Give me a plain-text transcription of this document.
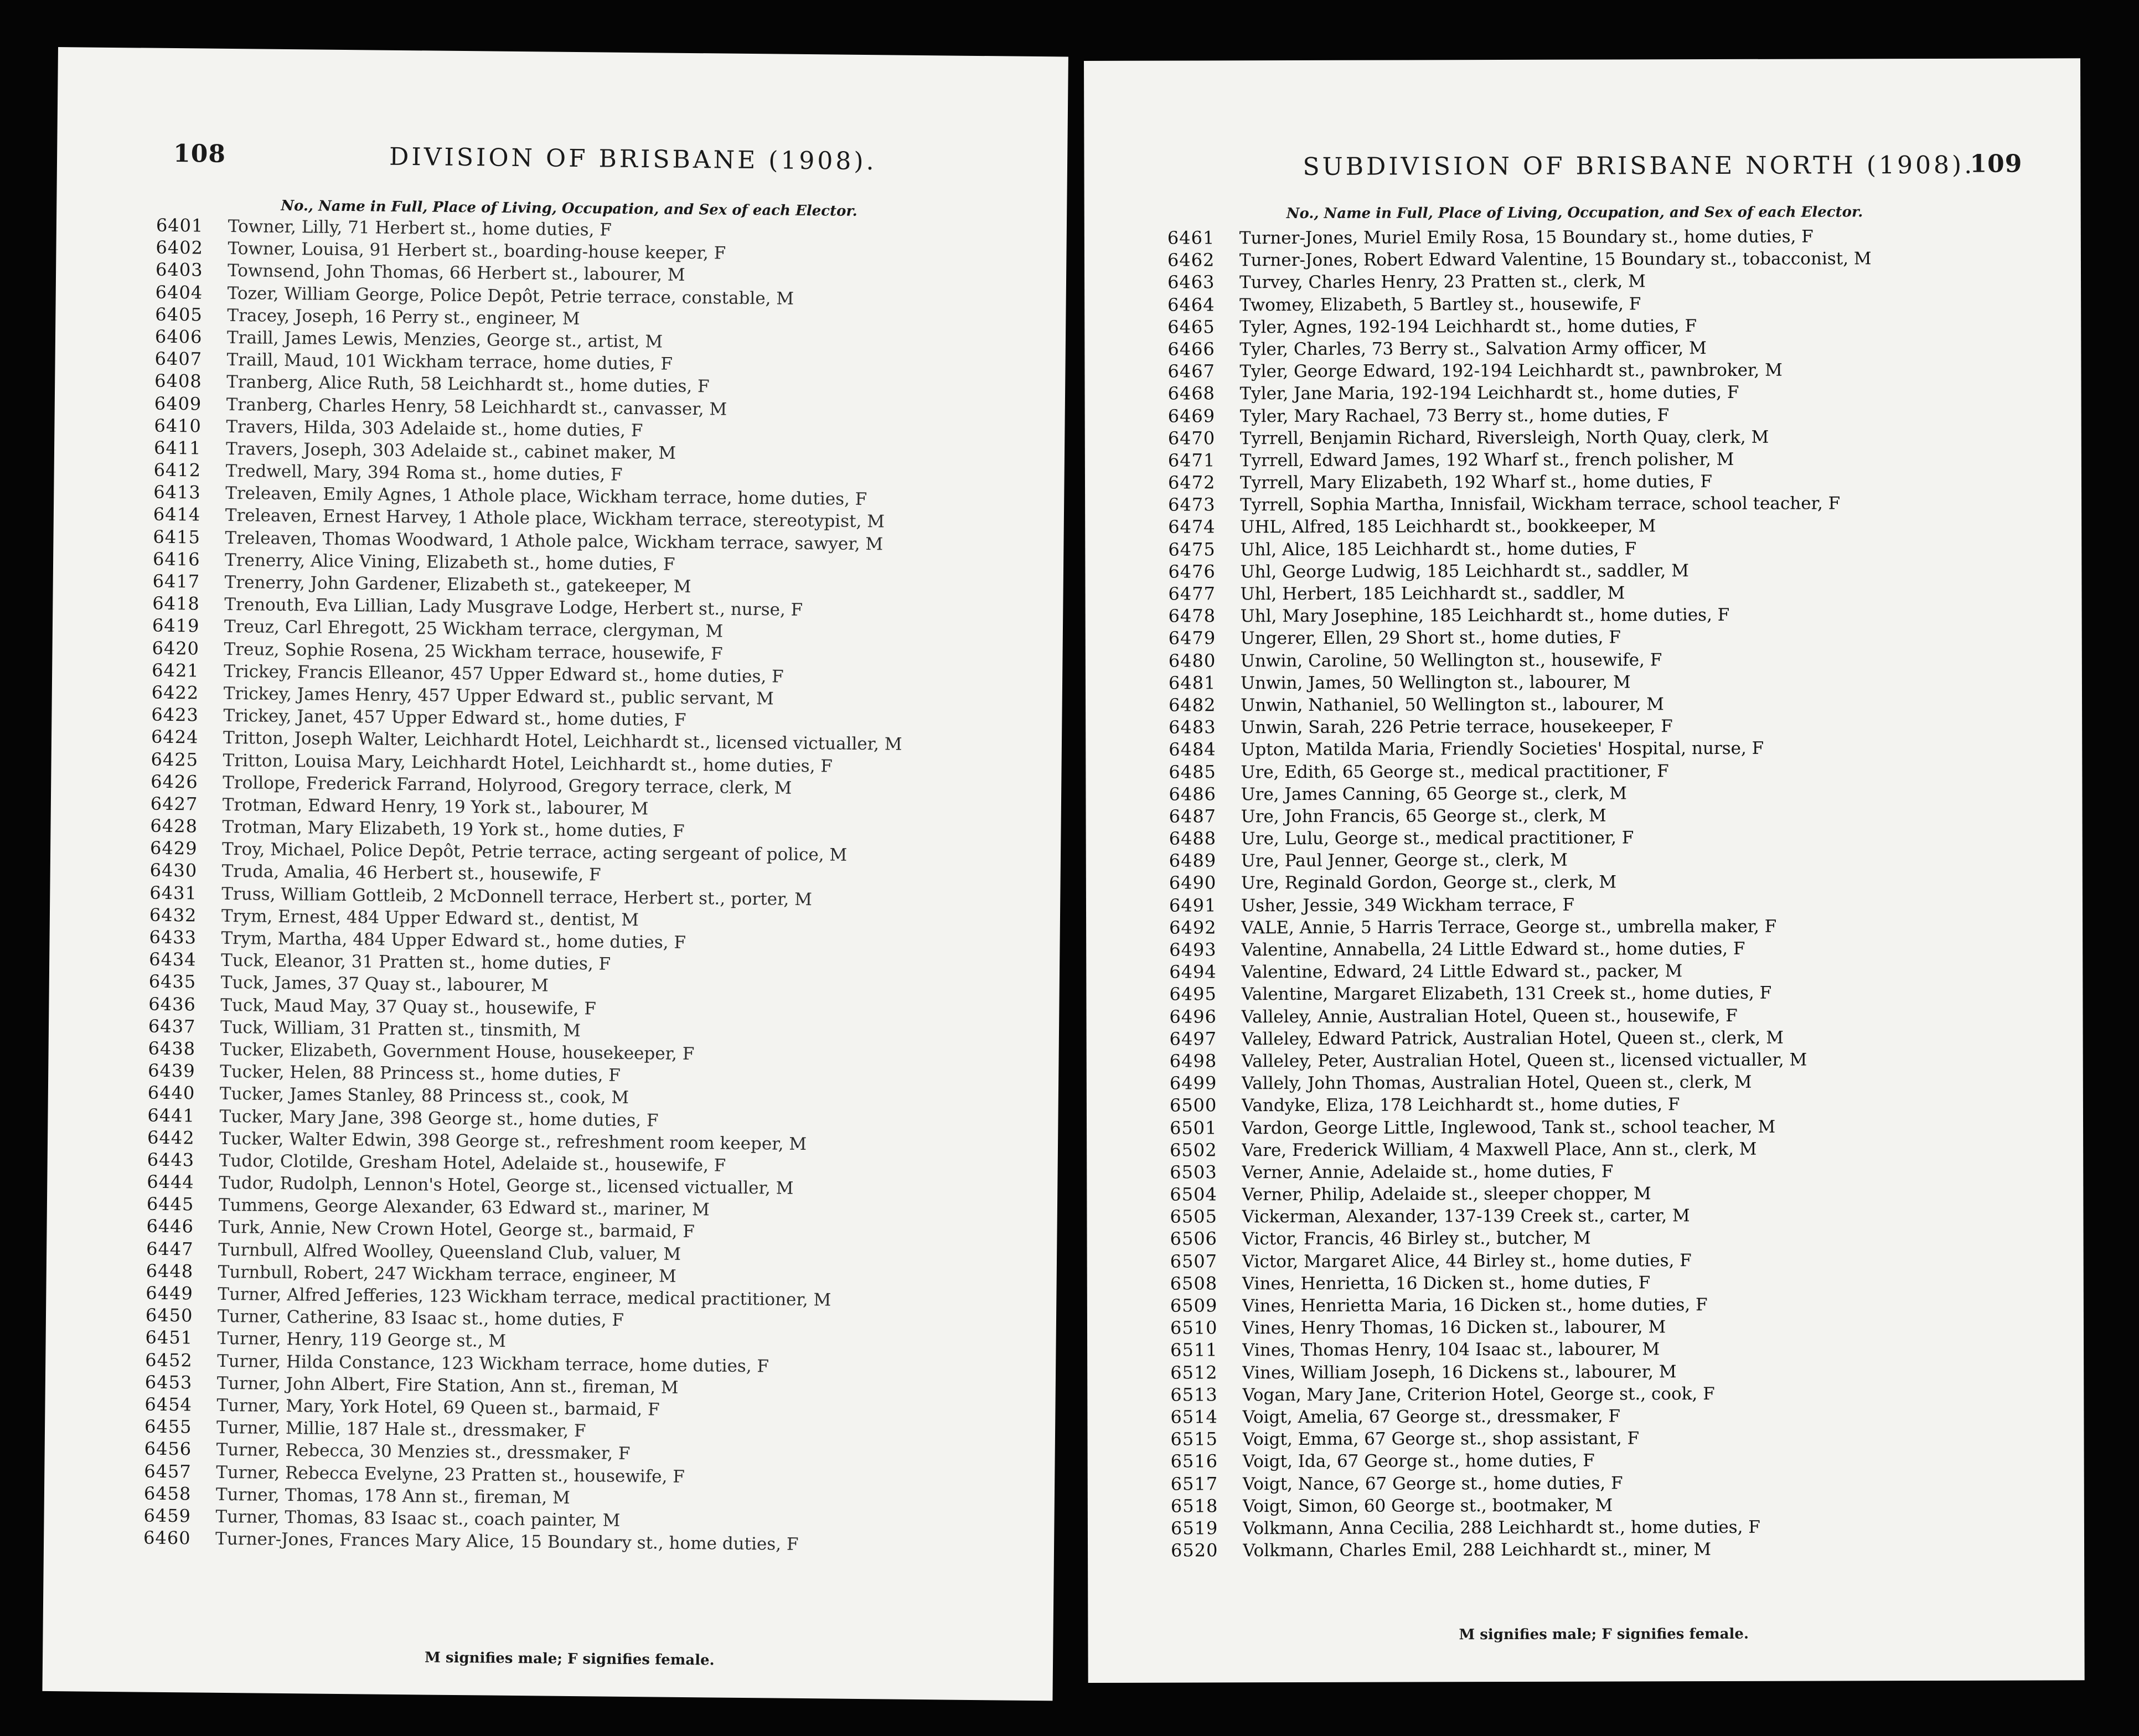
108	DIVISION OF BRISBANE (1908).
No., Name in Full, Place of Living, Occupation, and Sex of each Elector.
6401	Towner, Lilly, 71 Herbert st., home duties, F
6402	Towner, Louisa, 91 Herbert st., boarding-house keeper, F
6403	Townsend, John Thomas, 66 Herbert st., labourer, M
6404	Tozer, William George, Police Depôt, Petrie terrace, constable, M
6405	Tracey, Joseph, 16 Perry st., engineer, M
6406	Traill, James Lewis, Menzies, George st., artist, M
6407	Traill, Maud, 101 Wickham terrace, home duties, F
6408	Tranberg, Alice Ruth, 58 Leichhardt st., home duties, F
6409	Tranberg, Charles Henry, 58 Leichhardt st., canvasser, M
6410	Travers, Hilda, 303 Adelaide st., home duties, F
6411	Travers, Joseph, 303 Adelaide st., cabinet maker, M
6412	Tredwell, Mary, 394 Roma st., home duties, F
6413	Treleaven, Emily Agnes, 1 Athole place, Wickham terrace, home duties, F
6414	Treleaven, Ernest Harvey, 1 Athole place, Wickham terrace, stereotypist, M
6415	Treleaven, Thomas Woodward, 1 Athole palce, Wickham terrace, sawyer, M
6416	Trenerry, Alice Vining, Elizabeth st., home duties, F
6417	Trenerry, John Gardener, Elizabeth st., gatekeeper, M
6418	Trenouth, Eva Lillian, Lady Musgrave Lodge, Herbert st., nurse, F
6419	Treuz, Carl Ehregott, 25 Wickham terrace, clergyman, M
6420	Treuz, Sophie Rosena, 25 Wickham terrace, housewife, F
6421	Trickey, Francis Elleanor, 457 Upper Edward st., home duties, F
6422	Trickey, James Henry, 457 Upper Edward st., public servant, M
6423	Trickey, Janet, 457 Upper Edward st., home duties, F
6424	Tritton, Joseph Walter, Leichhardt Hotel, Leichhardt st., licensed victualler, M
6425	Tritton, Louisa Mary, Leichhardt Hotel, Leichhardt st., home duties, F
6426	Trollope, Frederick Farrand, Holyrood, Gregory terrace, clerk, M
6427	Trotman, Edward Henry, 19 York st., labourer, M
6428	Trotman, Mary Elizabeth, 19 York st., home duties, F
6429	Troy, Michael, Police Depôt, Petrie terrace, acting sergeant of police, M
6430	Truda, Amalia, 46 Herbert st., housewife, F
6431	Truss, William Gottleib, 2 McDonnell terrace, Herbert st., porter, M
6432	Trym, Ernest, 484 Upper Edward st., dentist, M
6433	Trym, Martha, 484 Upper Edward st., home duties, F
6434	Tuck, Eleanor, 31 Pratten st., home duties, F
6435	Tuck, James, 37 Quay st., labourer, M
6436	Tuck, Maud May, 37 Quay st., housewife, F
6437	Tuck, William, 31 Pratten st., tinsmith, M
6438	Tucker, Elizabeth, Government House, housekeeper, F
6439	Tucker, Helen, 88 Princess st., home duties, F
6440	Tucker, James Stanley, 88 Princess st., cook, M
6441	Tucker, Mary Jane, 398 George st., home duties, F
6442	Tucker, Walter Edwin, 398 George st., refreshment room keeper, M
6443	Tudor, Clotilde, Gresham Hotel, Adelaide st., housewife, F
6444	Tudor, Rudolph, Lennon's Hotel, George st., licensed victualler, M
6445	Tummens, George Alexander, 63 Edward st., mariner, M
6446	Turk, Annie, New Crown Hotel, George st., barmaid, F
6447	Turnbull, Alfred Woolley, Queensland Club, valuer, M
6448	Turnbull, Robert, 247 Wickham terrace, engineer, M
6449	Turner, Alfred Jefferies, 123 Wickham terrace, medical practitioner, M
6450	Turner, Catherine, 83 Isaac st., home duties, F
6451	Turner, Henry, 119 George st., M
6452	Turner, Hilda Constance, 123 Wickham terrace, home duties, F
6453	Turner, John Albert, Fire Station, Ann st., fireman, M
6454	Turner, Mary, York Hotel, 69 Queen st., barmaid, F
6455	Turner, Millie, 187 Hale st., dressmaker, F
6456	Turner, Rebecca, 30 Menzies st., dressmaker, F
6457	Turner, Rebecca Evelyne, 23 Pratten st., housewife, F
6458	Turner, Thomas, 178 Ann st., fireman, M
6459	Turner, Thomas, 83 Isaac st., coach painter, M
6460	Turner-Jones, Frances Mary Alice, 15 Boundary st., home duties, F
M signifies male; F signifies female.
SUBDIVISION OF BRISBANE NORTH (1908).
109
No., Name in Full, Place of Living, Occupation, and Sex of each Elector.
6461	Turner-Jones, Muriel Emily Rosa, 15 Boundary st., home duties, F
6462	Turner-Jones, Robert Edward Valentine, 15 Boundary st., tobacconist, M
6463	Turvey, Charles Henry, 23 Pratten st., clerk, M
6464	Twomey, Elizabeth, 5 Bartley st., housewife, F
6465	Tyler, Agnes, 192-194 Leichhardt st., home duties, F
6466	Tyler, Charles, 73 Berry st., Salvation Army officer, M
6467	Tyler, George Edward, 192-194 Leichhardt st., pawnbroker, M
6468	Tyler, Jane Maria, 192-194 Leichhardt st., home duties, F
6469	Tyler, Mary Rachael, 73 Berry st., home duties, F
6470	Tyrrell, Benjamin Richard, Riversleigh, North Quay, clerk, M
6471	Tyrrell, Edward James, 192 Wharf st., french polisher, M
6472	Tyrrell, Mary Elizabeth, 192 Wharf st., home duties, F
6473	Tyrrell, Sophia Martha, Innisfail, Wickham terrace, school teacher, F
6474	UHL, Alfred, 185 Leichhardt st., bookkeeper, M
6475	Uhl, Alice, 185 Leichhardt st., home duties, F
6476	Uhl, George Ludwig, 185 Leichhardt st., saddler, M
6477	Uhl, Herbert, 185 Leichhardt st., saddler, M
6478	Uhl, Mary Josephine, 185 Leichhardt st., home duties, F
6479	Ungerer, Ellen, 29 Short st., home duties, F
6480	Unwin, Caroline, 50 Wellington st., housewife, F
6481	Unwin, James, 50 Wellington st., labourer, M
6482	Unwin, Nathaniel, 50 Wellington st., labourer, M
6483	Unwin, Sarah, 226 Petrie terrace, housekeeper, F
6484	Upton, Matilda Maria, Friendly Societies' Hospital, nurse, F
6485	Ure, Edith, 65 George st., medical practitioner, F
6486	Ure, James Canning, 65 George st., clerk, M
6487	Ure, John Francis, 65 George st., clerk, M
6488	Ure, Lulu, George st., medical practitioner, F
6489	Ure, Paul Jenner, George st., clerk, M
6490	Ure, Reginald Gordon, George st., clerk, M
6491	Usher, Jessie, 349 Wickham terrace, F
6492	VALE, Annie, 5 Harris Terrace, George st., umbrella maker, F
6493	Valentine, Annabella, 24 Little Edward st., home duties, F
6494	Valentine, Edward, 24 Little Edward st., packer, M
6495	Valentine, Margaret Elizabeth, 131 Creek st., home duties, F
6496	Valleley, Annie, Australian Hotel, Queen st., housewife, F
6497	Valleley, Edward Patrick, Australian Hotel, Queen st., clerk, M
6498	Valleley, Peter, Australian Hotel, Queen st., licensed victualler, M
6499	Vallely, John Thomas, Australian Hotel, Queen st., clerk, M
6500	Vandyke, Eliza, 178 Leichhardt st., home duties, F
6501	Vardon, George Little, Inglewood, Tank st., school teacher, M
6502	Vare, Frederick William, 4 Maxwell Place, Ann st., clerk, M
6503	Verner, Annie, Adelaide st., home duties, F
6504	Verner, Philip, Adelaide st., sleeper chopper, M
6505	Vickerman, Alexander, 137-139 Creek st., carter, M
6506	Victor, Francis, 46 Birley st., butcher, M
6507	Victor, Margaret Alice, 44 Birley st., home duties, F
6508	Vines, Henrietta, 16 Dicken st., home duties, F
6509	Vines, Henrietta Maria, 16 Dicken st., home duties, F
6510	Vines, Henry Thomas, 16 Dicken st., labourer, M
6511	Vines, Thomas Henry, 104 Isaac st., labourer, M
6512	Vines, William Joseph, 16 Dickens st., labourer, M
6513	Vogan, Mary Jane, Criterion Hotel, George st., cook, F
6514	Voigt, Amelia, 67 George st., dressmaker, F
6515	Voigt, Emma, 67 George st., shop assistant, F
6516	Voigt, Ida, 67 George st., home duties, F
6517	Voigt, Nance, 67 George st., home duties, F
6518	Voigt, Simon, 60 George st., bootmaker, M
6519	Volkmann, Anna Cecilia, 288 Leichhardt st., home duties, F
6520	Volkmann, Charles Emil, 288 Leichhardt st., miner, M
M signifies male; F signifies female.
